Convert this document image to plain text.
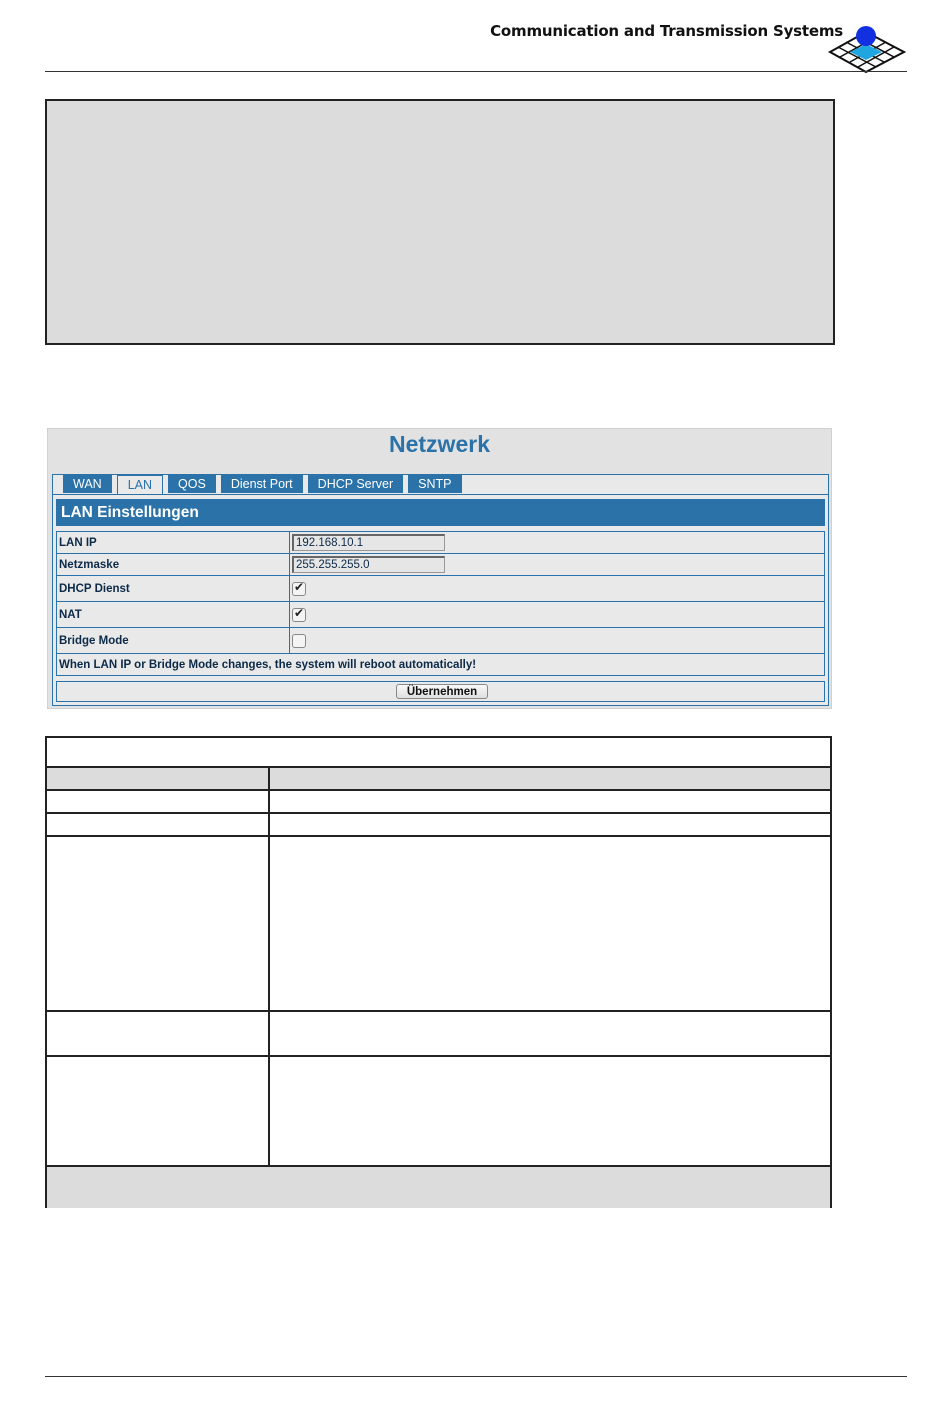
Communication and Transmission Systems
Netzwerk
WAN	LAN	QOS	Dienst Port	DHCP Server	SNTP
LAN Einstellungen
LAN IP	192.168.10.1

Netzmaske	255.255.255.0

DHCP Dienst	✔

NAT	✔

Bridge Mode	
When LAN IP or Bridge Mode changes, the system will reboot automatically!	
Übernehmen
